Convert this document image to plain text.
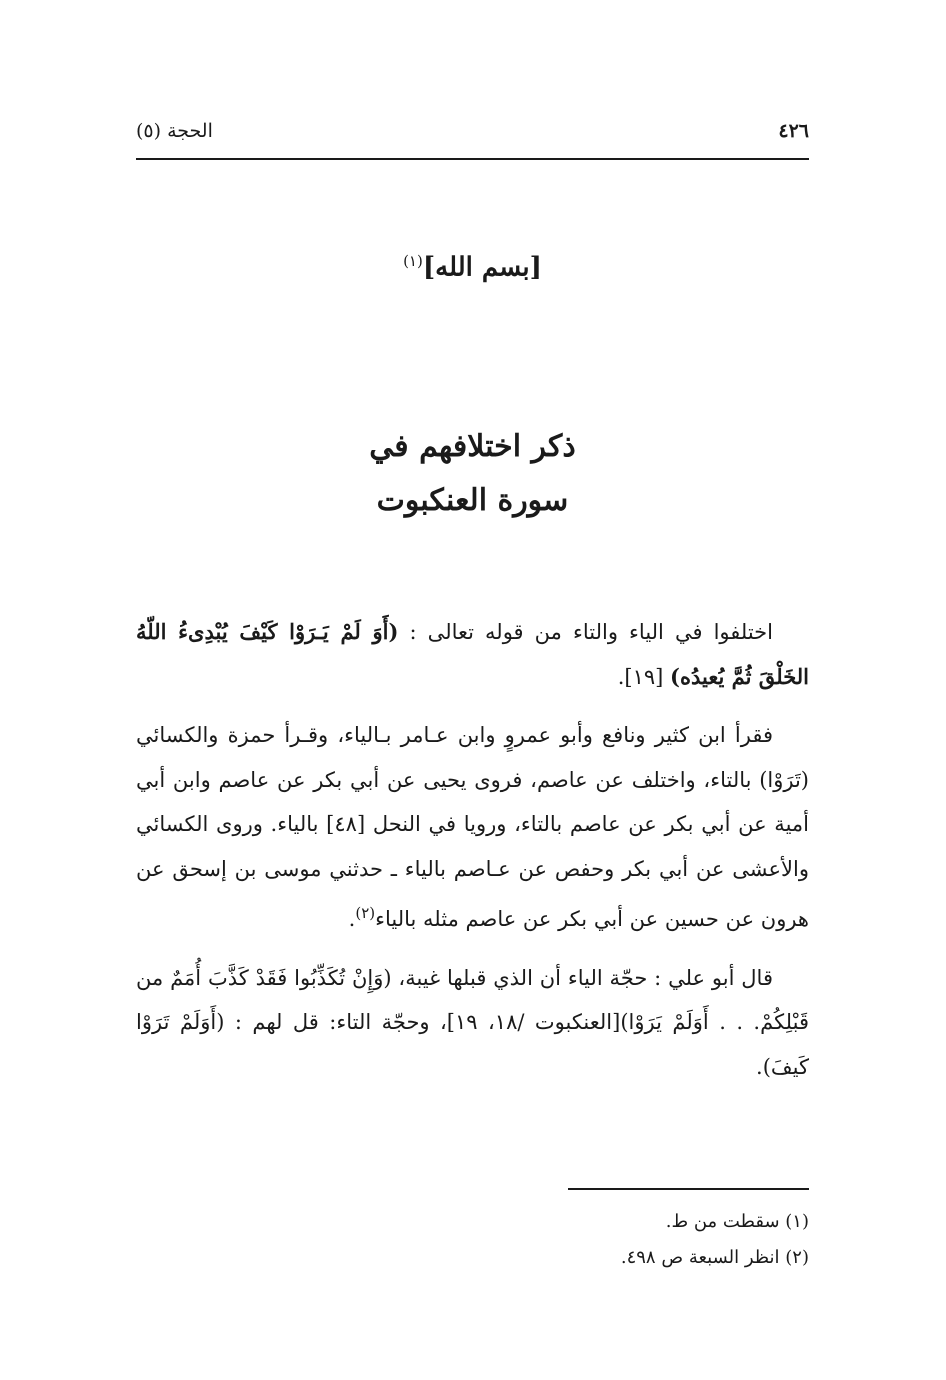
٤٢٦
الحجة (٥)
[بسم الله]$^{(١)}$
ذكر اختلافهم في
سورة العنكبوت

اختلفوا في الياء والتاء من قوله تعالى : (أَوَ لَمْ يَـرَوْا كَيْفَ يُبْدِىءُ اللّهُ الخَلْقَ ثُمَّ يُعيدُه) [١٩].

فقرأ ابن كثير ونافع وأبو عمروٍ وابن عـامر بـالياء، وقـرأ حمزة والكسائي (تَرَوْا) بالتاء، واختلف عن عاصم، فروى يحيى عن أبي بكر عن عاصم وابن أبي أمية عن أبي بكر عن عاصم بالتاء، ورويا في النحل [٤٨] بالياء. وروى الكسائي والأعشى عن أبي بكر وحفص عن عـاصم بالياء ـ حدثني موسى بن إسحق عن هرون عن حسين عن أبي بكر عن عاصم مثله بالياء$^{(٢)}$.

قال أبو علي : حجّة الياء أن الذي قبلها غيبة، (وَإِنْ تُكَذِّبُوا فَقَدْ كَذَّبَ أُمَمٌ من قَبْلِكُمْ. . . أَوَلَمْ يَرَوْا)[العنكبوت /١٨، ١٩]، وحجّة التاء: قل لهم : (أَوَلَمْ تَرَوْا كَيفَ).

(١) سقطت من ط.
(٢) انظر السبعة ص ٤٩٨.
